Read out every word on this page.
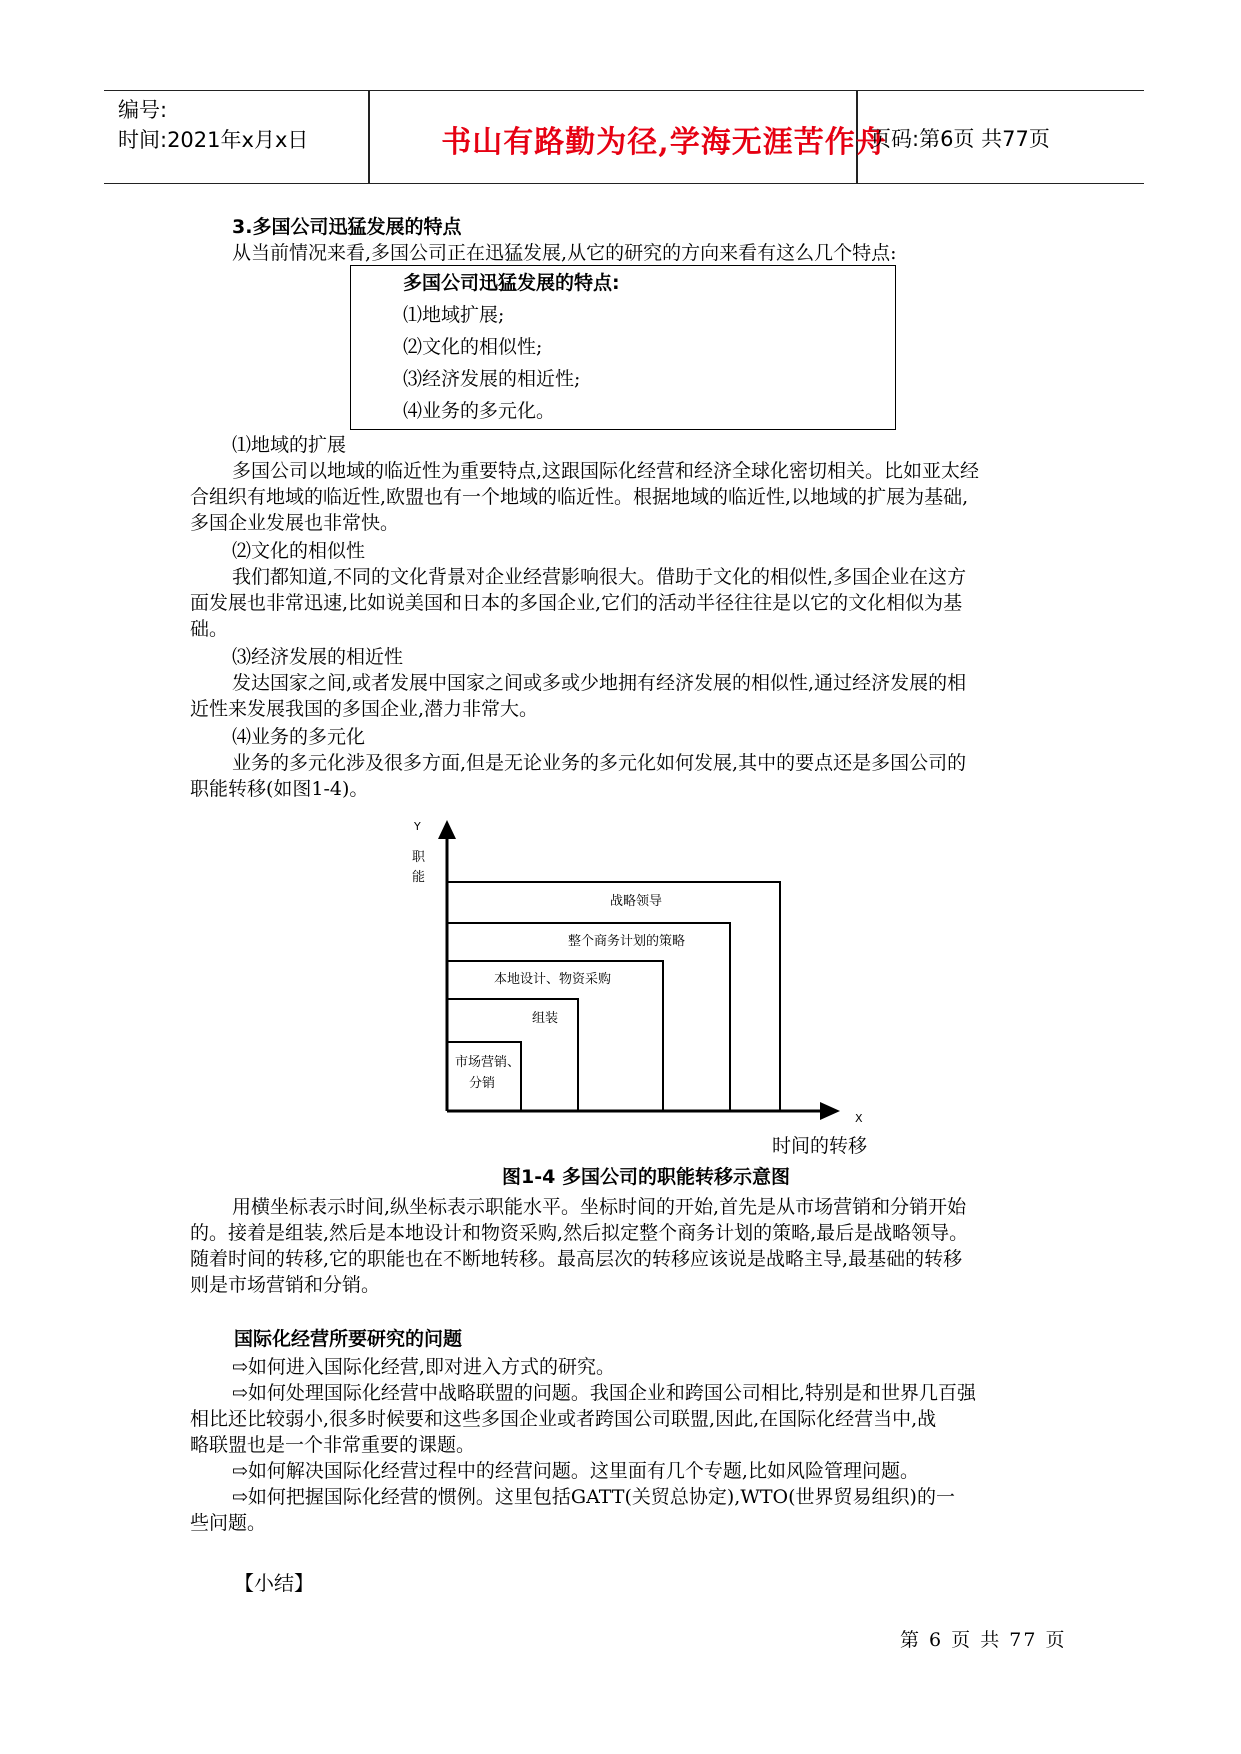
编号:
时间:2021年x月x日	书山有路勤为径,学海无涯苦作舟
页码:第6页 共77页
3.多国公司迅猛发展的特点
从当前情况来看,多国公司正在迅猛发展,从它的研究的方向来看有这么几个特点:
多国公司迅猛发展的特点:
⑴地域扩展;
⑵文化的相似性;
⑶经济发展的相近性;
⑷业务的多元化。
⑴地域的扩展
多国公司以地域的临近性为重要特点,这跟国际化经营和经济全球化密切相关。比如亚太经
合组织有地域的临近性,欧盟也有一个地域的临近性。根据地域的临近性,以地域的扩展为基础,
多国企业发展也非常快。
⑵文化的相似性
我们都知道,不同的文化背景对企业经营影响很大。借助于文化的相似性,多国企业在这方
面发展也非常迅速,比如说美国和日本的多国企业,它们的活动半径往往是以它的文化相似为基
础。
⑶经济发展的相近性
发达国家之间,或者发展中国家之间或多或少地拥有经济发展的相似性,通过经济发展的相
近性来发展我国的多国企业,潜力非常大。
⑷业务的多元化
业务的多元化涉及很多方面,但是无论业务的多元化如何发展,其中的要点还是多国公司的
职能转移(如图1-4)。
Y
职
能
X
时间的转移
战略领导
整个商务计划的策略
本地设计、物资采购
组装
市场营销、
分销
图1-4 多国公司的职能转移示意图
用横坐标表示时间,纵坐标表示职能水平。坐标时间的开始,首先是从市场营销和分销开始
的。接着是组装,然后是本地设计和物资采购,然后拟定整个商务计划的策略,最后是战略领导。
随着时间的转移,它的职能也在不断地转移。最高层次的转移应该说是战略主导,最基础的转移
则是市场营销和分销。
国际化经营所要研究的问题
⇨如何进入国际化经营,即对进入方式的研究。
⇨如何处理国际化经营中战略联盟的问题。我国企业和跨国公司相比,特别是和世界几百强
相比还比较弱小,很多时候要和这些多国企业或者跨国公司联盟,因此,在国际化经营当中,战
略联盟也是一个非常重要的课题。
⇨如何解决国际化经营过程中的经营问题。这里面有几个专题,比如风险管理问题。
⇨如何把握国际化经营的惯例。这里包括GATT(关贸总协定),WTO(世界贸易组织)的一
些问题。
【小结】
第 6 页 共 77 页
